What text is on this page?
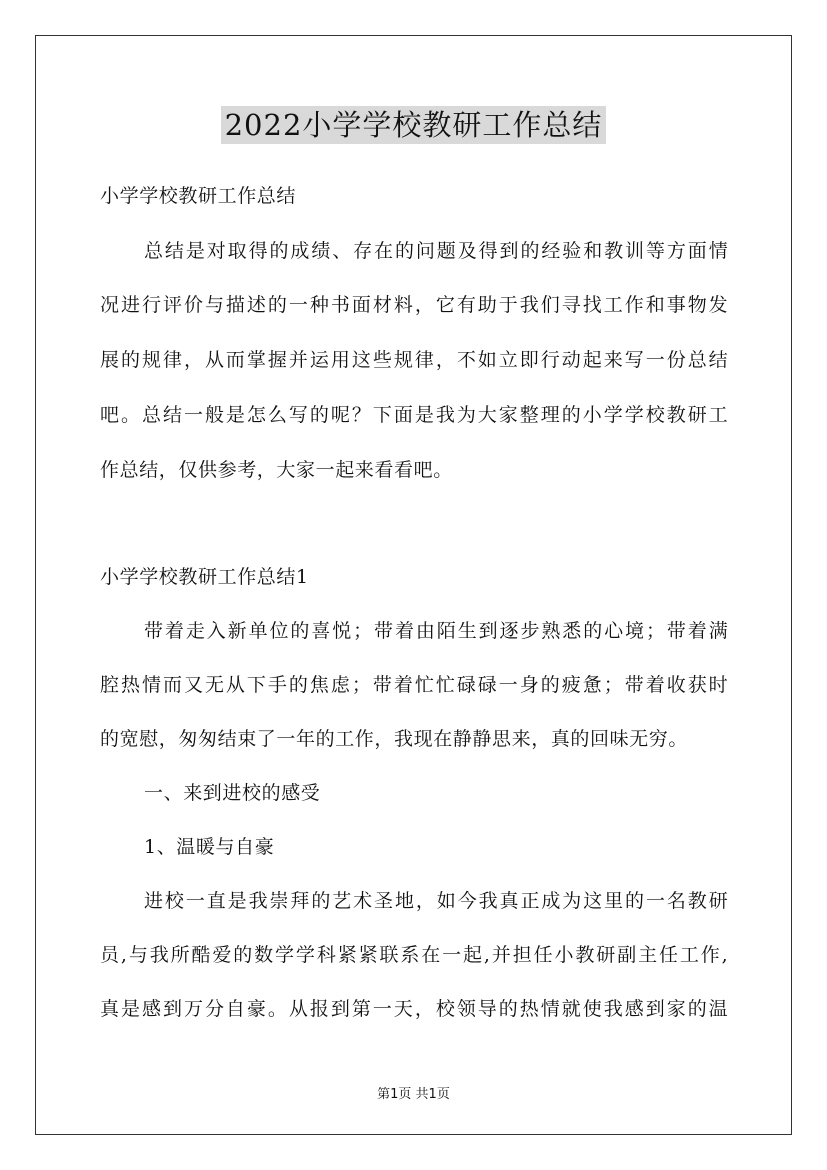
2022小学学校教研工作总结
小学学校教研工作总结
总结是对取得的成绩、存在的问题及得到的经验和教训等方面情
况进行评价与描述的一种书面材料，它有助于我们寻找工作和事物发
展的规律，从而掌握并运用这些规律，不如立即行动起来写一份总结
吧。总结一般是怎么写的呢？下面是我为大家整理的小学学校教研工
作总结，仅供参考，大家一起来看看吧。
小学学校教研工作总结1
带着走入新单位的喜悦；带着由陌生到逐步熟悉的心境；带着满
腔热情而又无从下手的焦虑；带着忙忙碌碌一身的疲惫；带着收获时
的宽慰，匆匆结束了一年的工作，我现在静静思来，真的回味无穷。
一、来到进校的感受
1、温暖与自豪
进校一直是我崇拜的艺术圣地，如今我真正成为这里的一名教研
员,与我所酷爱的数学学科紧紧联系在一起,并担任小教研副主任工作,
真是感到万分自豪。从报到第一天，校领导的热情就使我感到家的温
第1页 共1页
